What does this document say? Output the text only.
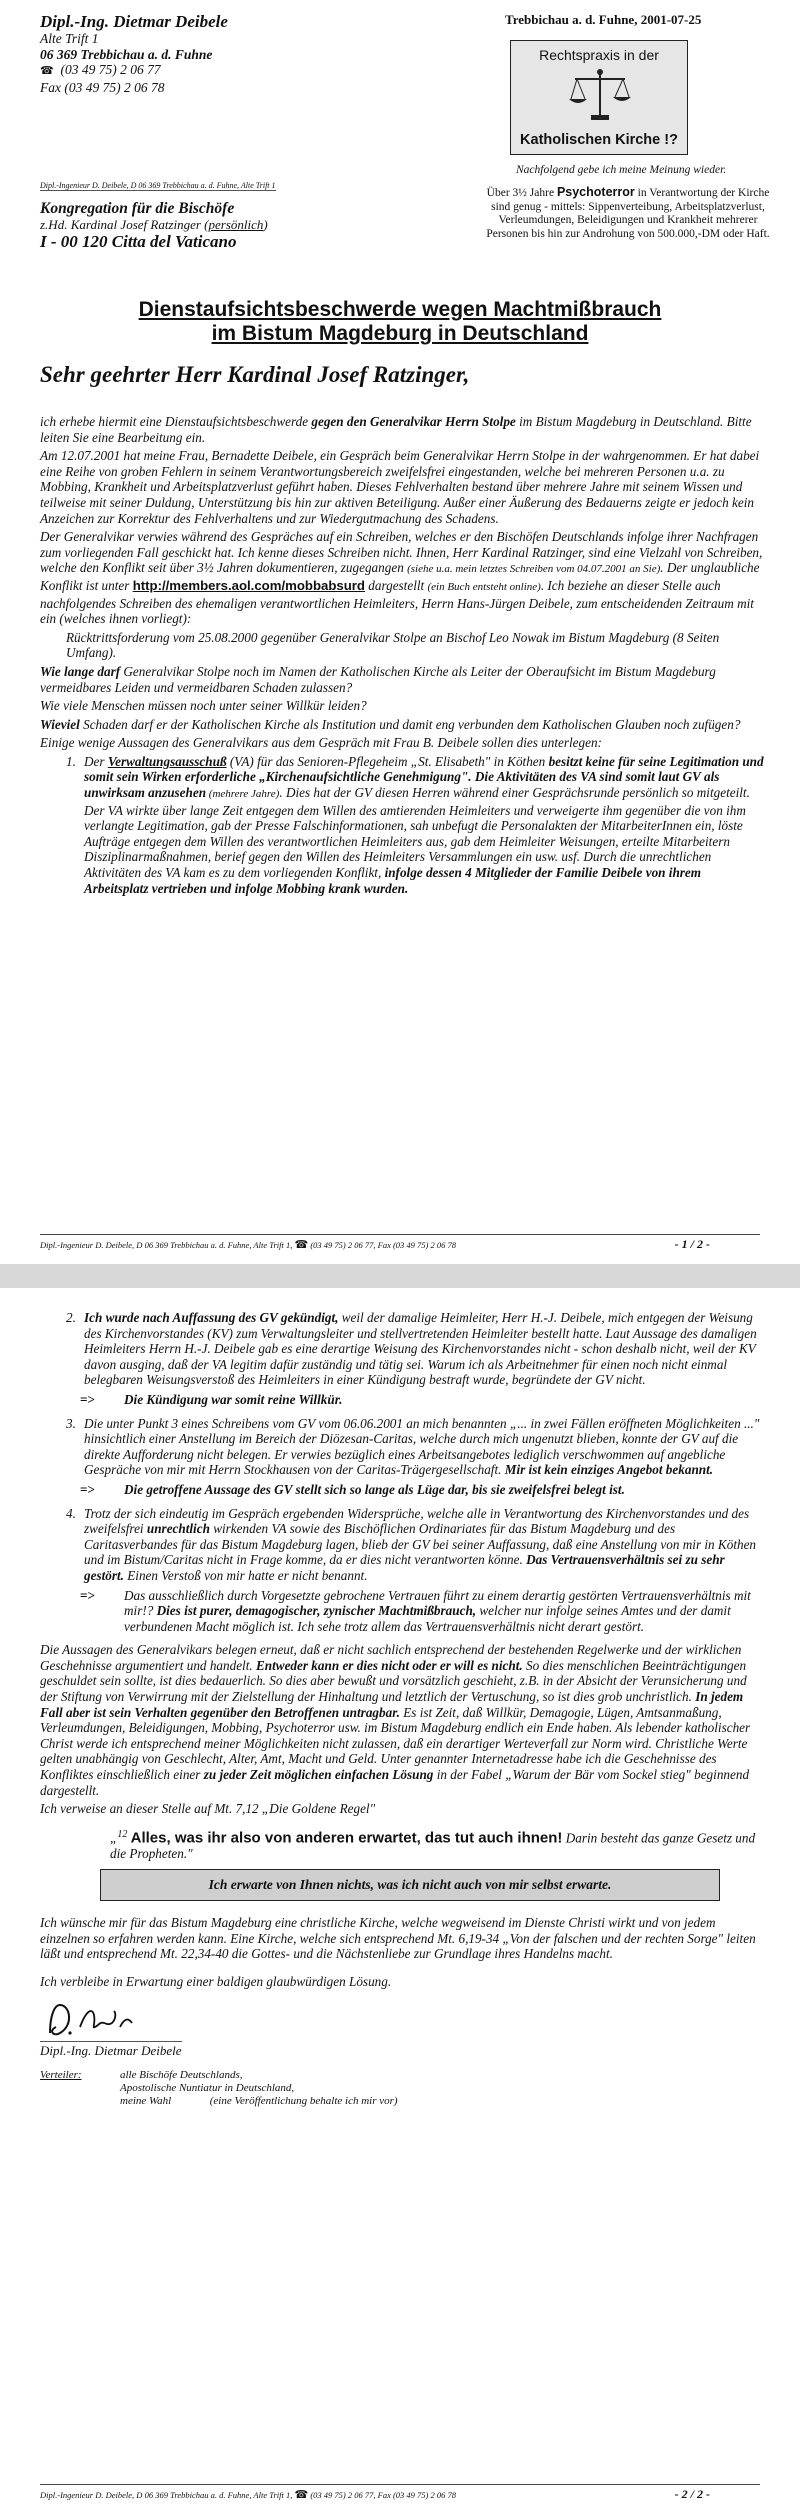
Dipl.-Ing. Dietmar Deibele
Alte Trift 1
06 369 Trebbichau a. d. Fuhne
☎ (03 49 75) 2 06 77
Fax (03 49 75) 2 06 78
Trebbichau a. d. Fuhne, 2001-07-25
Rechtspraxis in der
Katholischen Kirche !?
Nachfolgend gebe ich meine Meinung wieder.
Über 3½ Jahre Psychoterror in Verantwortung der Kirche sind genug - mittels: Sippenverteibung, Arbeitsplatzverlust, Verleumdungen, Beleidigungen und Krankheit mehrerer Personen bis hin zur Androhung von 500.000,-DM oder Haft.
Dipl.-Ingenieur D. Deibele, D 06 369 Trebbichau a. d. Fuhne, Alte Trift 1
Kongregation für die Bischöfe
z.Hd. Kardinal Josef Ratzinger (persönlich)
I - 00 120 Citta del Vaticano
Dienstaufsichtsbeschwerde wegen Machtmißbrauch
im Bistum Magdeburg in Deutschland
Sehr geehrter Herr Kardinal Josef Ratzinger,

ich erhebe hiermit eine Dienstaufsichtsbeschwerde gegen den Generalvikar Herrn Stolpe im Bistum Magdeburg in Deutschland. Bitte leiten Sie eine Bearbeitung ein.

Am 12.07.2001 hat meine Frau, Bernadette Deibele, ein Gespräch beim Generalvikar Herrn Stolpe in der wahrgenommen. Er hat dabei eine Reihe von groben Fehlern in seinem Verantwortungsbereich zweifelsfrei eingestanden, welche bei mehreren Personen u.a. zu Mobbing, Krankheit und Arbeitsplatzverlust geführt haben. Dieses Fehlverhalten bestand über mehrere Jahre mit seinem Wissen und teilweise mit seiner Duldung, Unterstützung bis hin zur aktiven Beteiligung. Außer einer Äußerung des Bedauerns zeigte er jedoch kein Anzeichen zur Korrektur des Fehlverhaltens und zur Wiedergutmachung des Schadens.

Der Generalvikar verwies während des Gespräches auf ein Schreiben, welches er den Bischöfen Deutschlands infolge ihrer Nachfragen zum vorliegenden Fall geschickt hat. Ich kenne dieses Schreiben nicht. Ihnen, Herr Kardinal Ratzinger, sind eine Vielzahl von Schreiben, welche den Konflikt seit über 3½ Jahren dokumentieren, zugegangen (siehe u.a. mein letztes Schreiben vom 04.07.2001 an Sie). Der unglaubliche Konflikt ist unter http://members.aol.com/mobbabsurd dargestellt (ein Buch entsteht online). Ich beziehe an dieser Stelle auch nachfolgendes Schreiben des ehemaligen verantwortlichen Heimleiters, Herrn Hans-Jürgen Deibele, zum entscheidenden Zeitraum mit ein (welches ihnen vorliegt):

Rücktrittsforderung vom 25.08.2000 gegenüber Generalvikar Stolpe an Bischof Leo Nowak im Bistum Magdeburg (8 Seiten Umfang).

Wie lange darf Generalvikar Stolpe noch im Namen der Katholischen Kirche als Leiter der Oberaufsicht im Bistum Magdeburg vermeidbares Leiden und vermeidbaren Schaden zulassen?

Wie viele Menschen müssen noch unter seiner Willkür leiden?

Wieviel Schaden darf er der Katholischen Kirche als Institution und damit eng verbunden dem Katholischen Glauben noch zufügen?

Einige wenige Aussagen des Generalvikars aus dem Gespräch mit Frau B. Deibele sollen dies unterlegen:

1. Der Verwaltungsausschuß (VA) für das Senioren-Pflegeheim „St. Elisabeth" in Köthen besitzt keine für seine Legitimation und somit sein Wirken erforderliche „Kirchenaufsichtliche Genehmigung". Die Aktivitäten des VA sind somit laut GV als unwirksam anzusehen (mehrere Jahre). Dies hat der GV diesen Herren während einer Gesprächsrunde persönlich so mitgeteilt. Der VA wirkte über lange Zeit entgegen dem Willen des amtierenden Heimleiters und verweigerte ihm gegenüber die von ihm verlangte Legitimation, gab der Presse Falschinformationen, sah unbefugt die Personalakten der MitarbeiterInnen ein, löste Aufträge entgegen dem Willen des verantwortlichen Heimleiters aus, gab dem Heimleiter Weisungen, erteilte Mitarbeitern Disziplinarmaßnahmen, berief gegen den Willen des Heimleiters Versammlungen ein usw. usf. Durch die unrechtlichen Aktivitäten des VA kam es zu dem vorliegenden Konflikt, infolge dessen 4 Mitglieder der Familie Deibele von ihrem Arbeitsplatz vertrieben und infolge Mobbing krank wurden.
Dipl.-Ingenieur D. Deibele, D 06 369 Trebbichau a. d. Fuhne, Alte Trift 1, ☎ (03 49 75) 2 06 77, Fax (03 49 75) 2 06 78	- 1 / 2 -
2. Ich wurde nach Auffassung des GV gekündigt, weil der damalige Heimleiter, Herr H.-J. Deibele, mich entgegen der Weisung des Kirchenvorstandes (KV) zum Verwaltungsleiter und stellvertretenden Heimleiter bestellt hatte. Laut Aussage des damaligen Heimleiters Herrn H.-J. Deibele gab es eine derartige Weisung des Kirchenvorstandes nicht - schon deshalb nicht, weil der KV davon ausging, daß der VA legitim dafür zuständig und tätig sei. Warum ich als Arbeitnehmer für einen noch nicht einmal belegbaren Weisungsverstoß des Heimleiters in einer Kündigung bestraft wurde, begründete der GV nicht.
=> Die Kündigung war somit reine Willkür.
3. Die unter Punkt 3 eines Schreibens vom GV vom 06.06.2001 an mich benannten „... in zwei Fällen eröffneten Möglichkeiten ..." hinsichtlich einer Anstellung im Bereich der Diözesan-Caritas, welche durch mich ungenutzt blieben, konnte der GV auf die direkte Aufforderung nicht belegen. Er verwies bezüglich eines Arbeitsangebotes lediglich verschwommen auf angebliche Gespräche von mir mit Herrn Stockhausen von der Caritas-Trägergesellschaft. Mir ist kein einziges Angebot bekannt.
=> Die getroffene Aussage des GV stellt sich so lange als Lüge dar, bis sie zweifelsfrei belegt ist.
4. Trotz der sich eindeutig im Gespräch ergebenden Widersprüche, welche alle in Verantwortung des Kirchenvorstandes und des zweifelsfrei unrechtlich wirkenden VA sowie des Bischöflichen Ordinariates für das Bistum Magdeburg und des Caritasverbandes für das Bistum Magdeburg lagen, blieb der GV bei seiner Auffassung, daß eine Anstellung von mir in Köthen und im Bistum/Caritas nicht in Frage komme, da er dies nicht verantworten könne. Das Vertrauensverhältnis sei zu sehr gestört. Einen Verstoß von mir hatte er nicht benannt.
=> Das ausschließlich durch Vorgesetzte gebrochene Vertrauen führt zu einem derartig gestörten Vertrauensverhältnis mit mir!? Dies ist purer, demagogischer, zynischer Machtmißbrauch, welcher nur infolge seines Amtes und der damit verbundenen Macht möglich ist. Ich sehe trotz allem das Vertrauensverhältnis nicht derart gestört.

Die Aussagen des Generalvikars belegen erneut, daß er nicht sachlich entsprechend der bestehenden Regelwerke und der wirklichen Geschehnisse argumentiert und handelt. Entweder kann er dies nicht oder er will es nicht. So dies menschlichen Beeinträchtigungen geschuldet sein sollte, ist dies bedauerlich. So dies aber bewußt und vorsätzlich geschieht, z.B. in der Absicht der Verunsicherung und der Stiftung von Verwirrung mit der Zielstellung der Hinhaltung und letztlich der Vertuschung, so ist dies grob unchristlich. In jedem Fall aber ist sein Verhalten gegenüber den Betroffenen untragbar. Es ist Zeit, daß Willkür, Demagogie, Lügen, Amtsanmaßung, Verleumdungen, Beleidigungen, Mobbing, Psychoterror usw. im Bistum Magdeburg endlich ein Ende haben. Als lebender katholischer Christ werde ich entsprechend meiner Möglichkeiten nicht zulassen, daß ein derartiger Werteverfall zur Norm wird. Christliche Werte gelten unabhängig von Geschlecht, Alter, Amt, Macht und Geld. Unter genannter Internetadresse habe ich die Geschehnisse des Konfliktes einschließlich einer zu jeder Zeit möglichen einfachen Lösung in der Fabel „Warum der Bär vom Sockel stieg" beginnend dargestellt.

Ich verweise an dieser Stelle auf Mt. 7,12 „Die Goldene Regel"

„$^{12}$ Alles, was ihr also von anderen erwartet, das tut auch ihnen! Darin besteht das ganze Gesetz und die Propheten."
Ich erwarte von Ihnen nichts, was ich nicht auch von mir selbst erwarte.

Ich wünsche mir für das Bistum Magdeburg eine christliche Kirche, welche wegweisend im Dienste Christi wirkt und von jedem einzelnen so erfahren werden kann. Eine Kirche, welche sich entsprechend Mt. 6,19-34 „Von der falschen und der rechten Sorge" leiten läßt und entsprechend Mt. 22,34-40 die Gottes- und die Nächstenliebe zur Grundlage ihres Handelns macht.

Ich verbleibe in Erwartung einer baldigen glaubwürdigen Lösung.

Dipl.-Ing. Dietmar Deibele
Verteiler:	alle Bischöfe Deutschlands,
Apostolische Nuntiatur in Deutschland,
meine Wahl              (eine Veröffentlichung behalte ich mir vor)
Dipl.-Ingenieur D. Deibele, D 06 369 Trebbichau a. d. Fuhne, Alte Trift 1, ☎ (03 49 75) 2 06 77, Fax (03 49 75) 2 06 78	- 2 / 2 -
